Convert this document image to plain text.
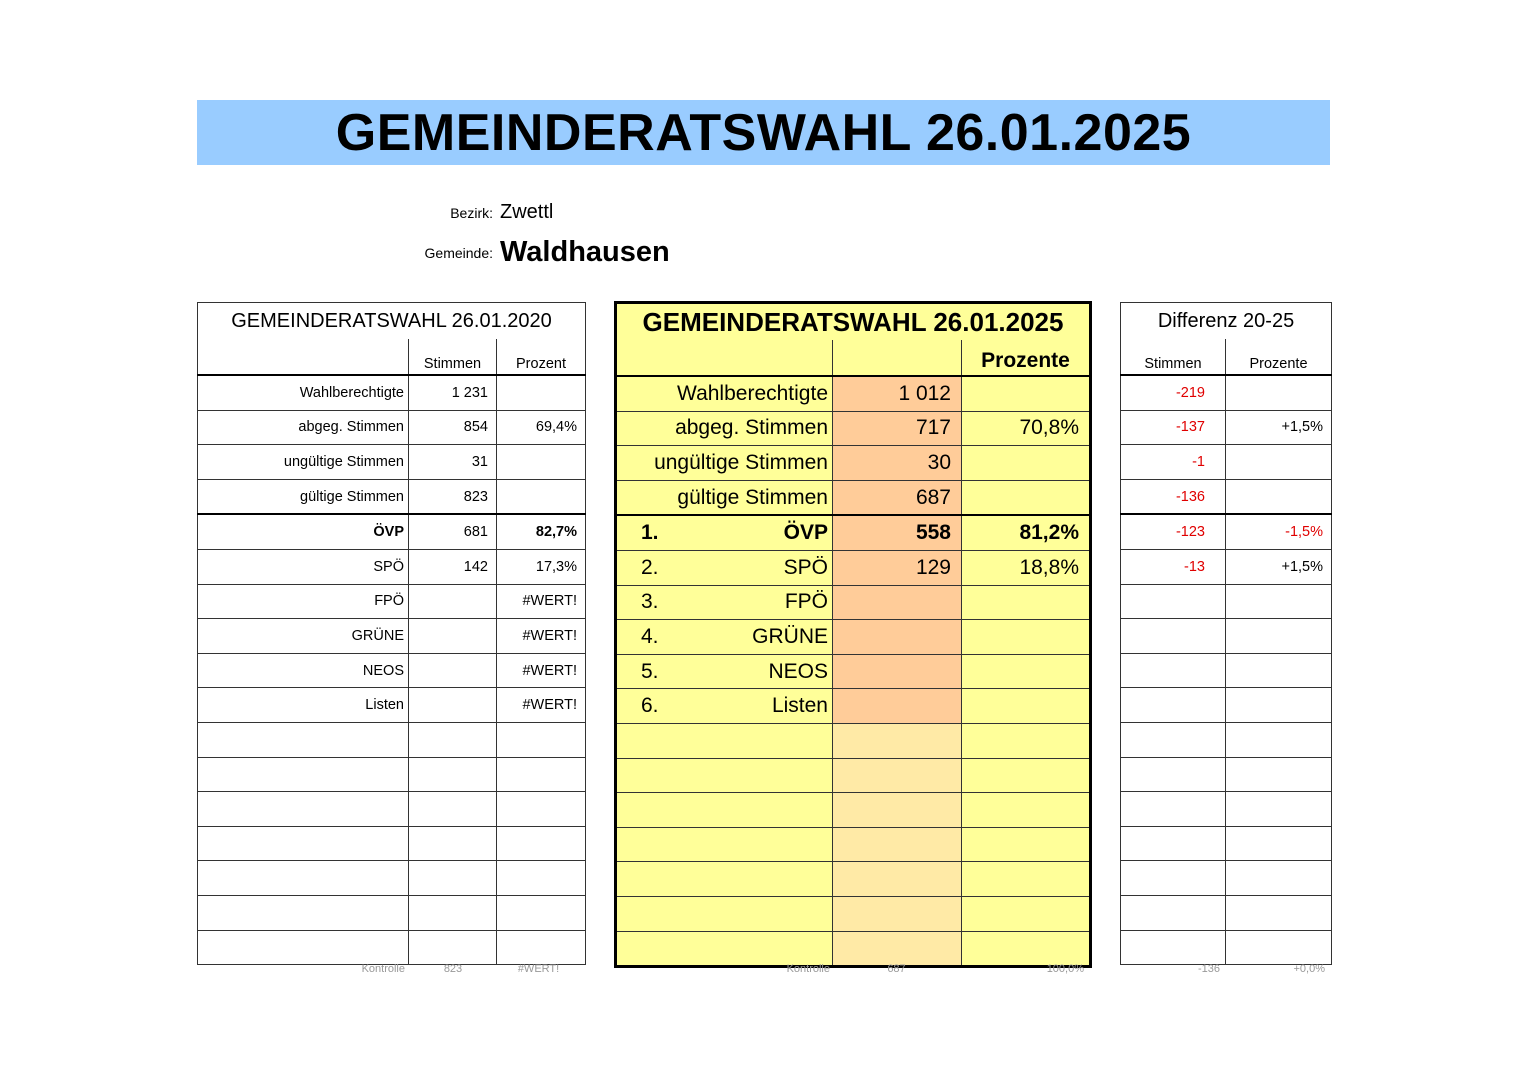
GEMEINDERATSWAHL 26.01.2025
Bezirk: Zwettl
Gemeinde: Waldhausen
GEMEINDERATSWAHL 26.01.2020		
	Stimmen	Prozent
Wahlberechtigte	1 231	
abgeg. Stimmen	854	69,4%
ungültige Stimmen	31	
gültige Stimmen	823	
ÖVP	681	82,7%
SPÖ	142	17,3%
FPÖ		#WERT!
GRÜNE		#WERT!
NEOS		#WERT!
Listen		#WERT!

GEMEINDERATSWAHL 26.01.2025		
		Prozente

Wahlberechtigte	1 012	

abgeg. Stimmen	717	70,8%

ungültige Stimmen	30	

gültige Stimmen	687	

1. ÖVP	558	81,2%

2. SPÖ	129	18,8%

3. FPÖ		

4. GRÜNE		

5. NEOS		

6. Listen		

Differenz 20-25	
Stimmen	Prozente
-219	
-137	+1,5%
-1	
-136	
-123	-1,5%
-13	+1,5%

Kontrolle	823	#WERT!	Kontrolle	687	100,0%	-136	+0,0%
